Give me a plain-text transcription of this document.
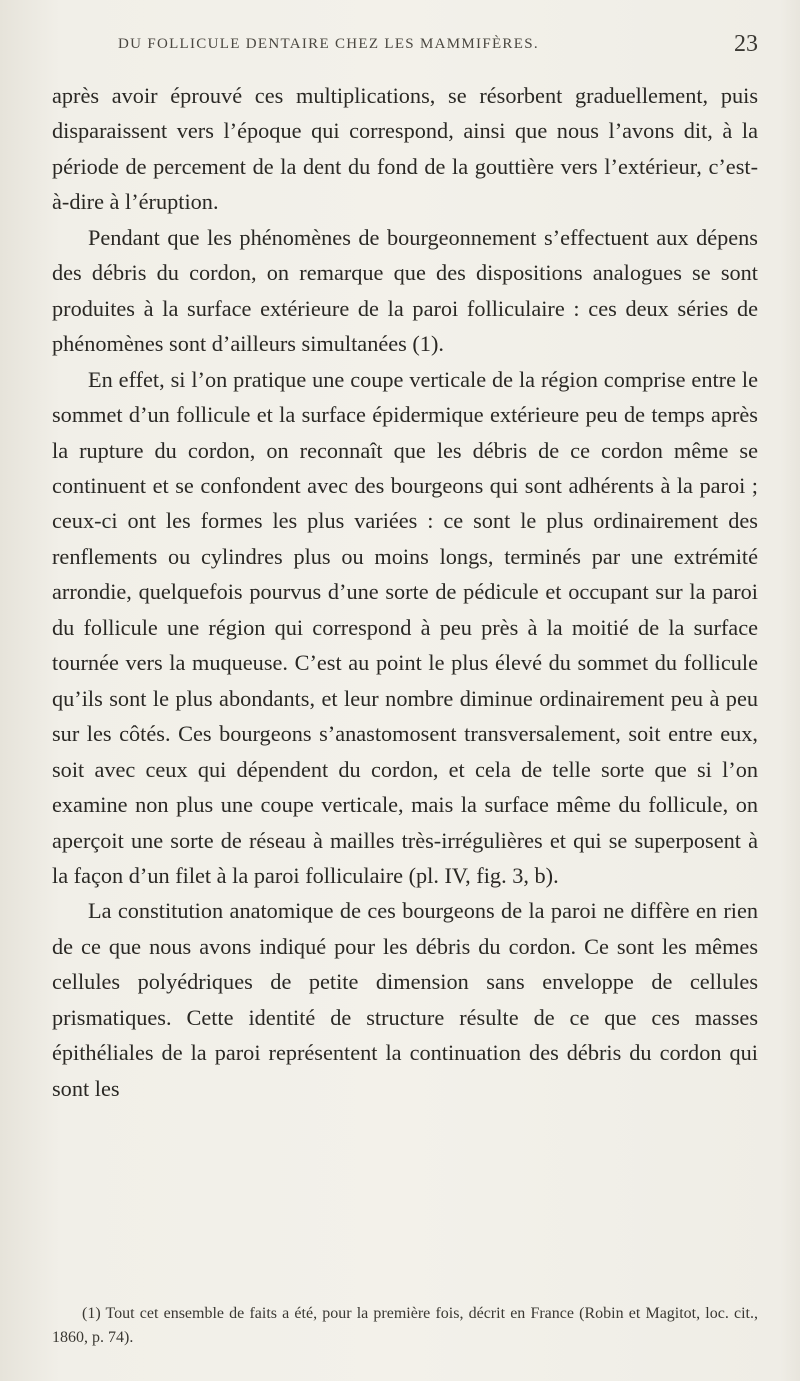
DU FOLLICULE DENTAIRE CHEZ LES MAMMIFÈRES.	23

après avoir éprouvé ces multiplications, se résorbent graduellement, puis disparaissent vers l’époque qui correspond, ainsi que nous l’avons dit, à la période de percement de la dent du fond de la gouttière vers l’extérieur, c’est-à-dire à l’éruption.

Pendant que les phénomènes de bourgeonnement s’effectuent aux dépens des débris du cordon, on remarque que des dispositions analogues se sont produites à la surface extérieure de la paroi folliculaire : ces deux séries de phénomènes sont d’ailleurs simultanées (1).

En effet, si l’on pratique une coupe verticale de la région comprise entre le sommet d’un follicule et la surface épidermique extérieure peu de temps après la rupture du cordon, on reconnaît que les débris de ce cordon même se continuent et se confondent avec des bourgeons qui sont adhérents à la paroi ; ceux-ci ont les formes les plus variées : ce sont le plus ordinairement des renflements ou cylindres plus ou moins longs, terminés par une extrémité arrondie, quelquefois pourvus d’une sorte de pédicule et occupant sur la paroi du follicule une région qui correspond à peu près à la moitié de la surface tournée vers la muqueuse. C’est au point le plus élevé du sommet du follicule qu’ils sont le plus abondants, et leur nombre diminue ordinairement peu à peu sur les côtés. Ces bourgeons s’anastomosent transversalement, soit entre eux, soit avec ceux qui dépendent du cordon, et cela de telle sorte que si l’on examine non plus une coupe verticale, mais la surface même du follicule, on aperçoit une sorte de réseau à mailles très-irrégulières et qui se superposent à la façon d’un filet à la paroi folliculaire (pl. IV, fig. 3, b).

La constitution anatomique de ces bourgeons de la paroi ne diffère en rien de ce que nous avons indiqué pour les débris du cordon. Ce sont les mêmes cellules polyédriques de petite dimension sans enveloppe de cellules prismatiques. Cette identité de structure résulte de ce que ces masses épithéliales de la paroi représentent la continuation des débris du cordon qui sont les

(1) Tout cet ensemble de faits a été, pour la première fois, décrit en France (Robin et Magitot, loc. cit., 1860, p. 74).
